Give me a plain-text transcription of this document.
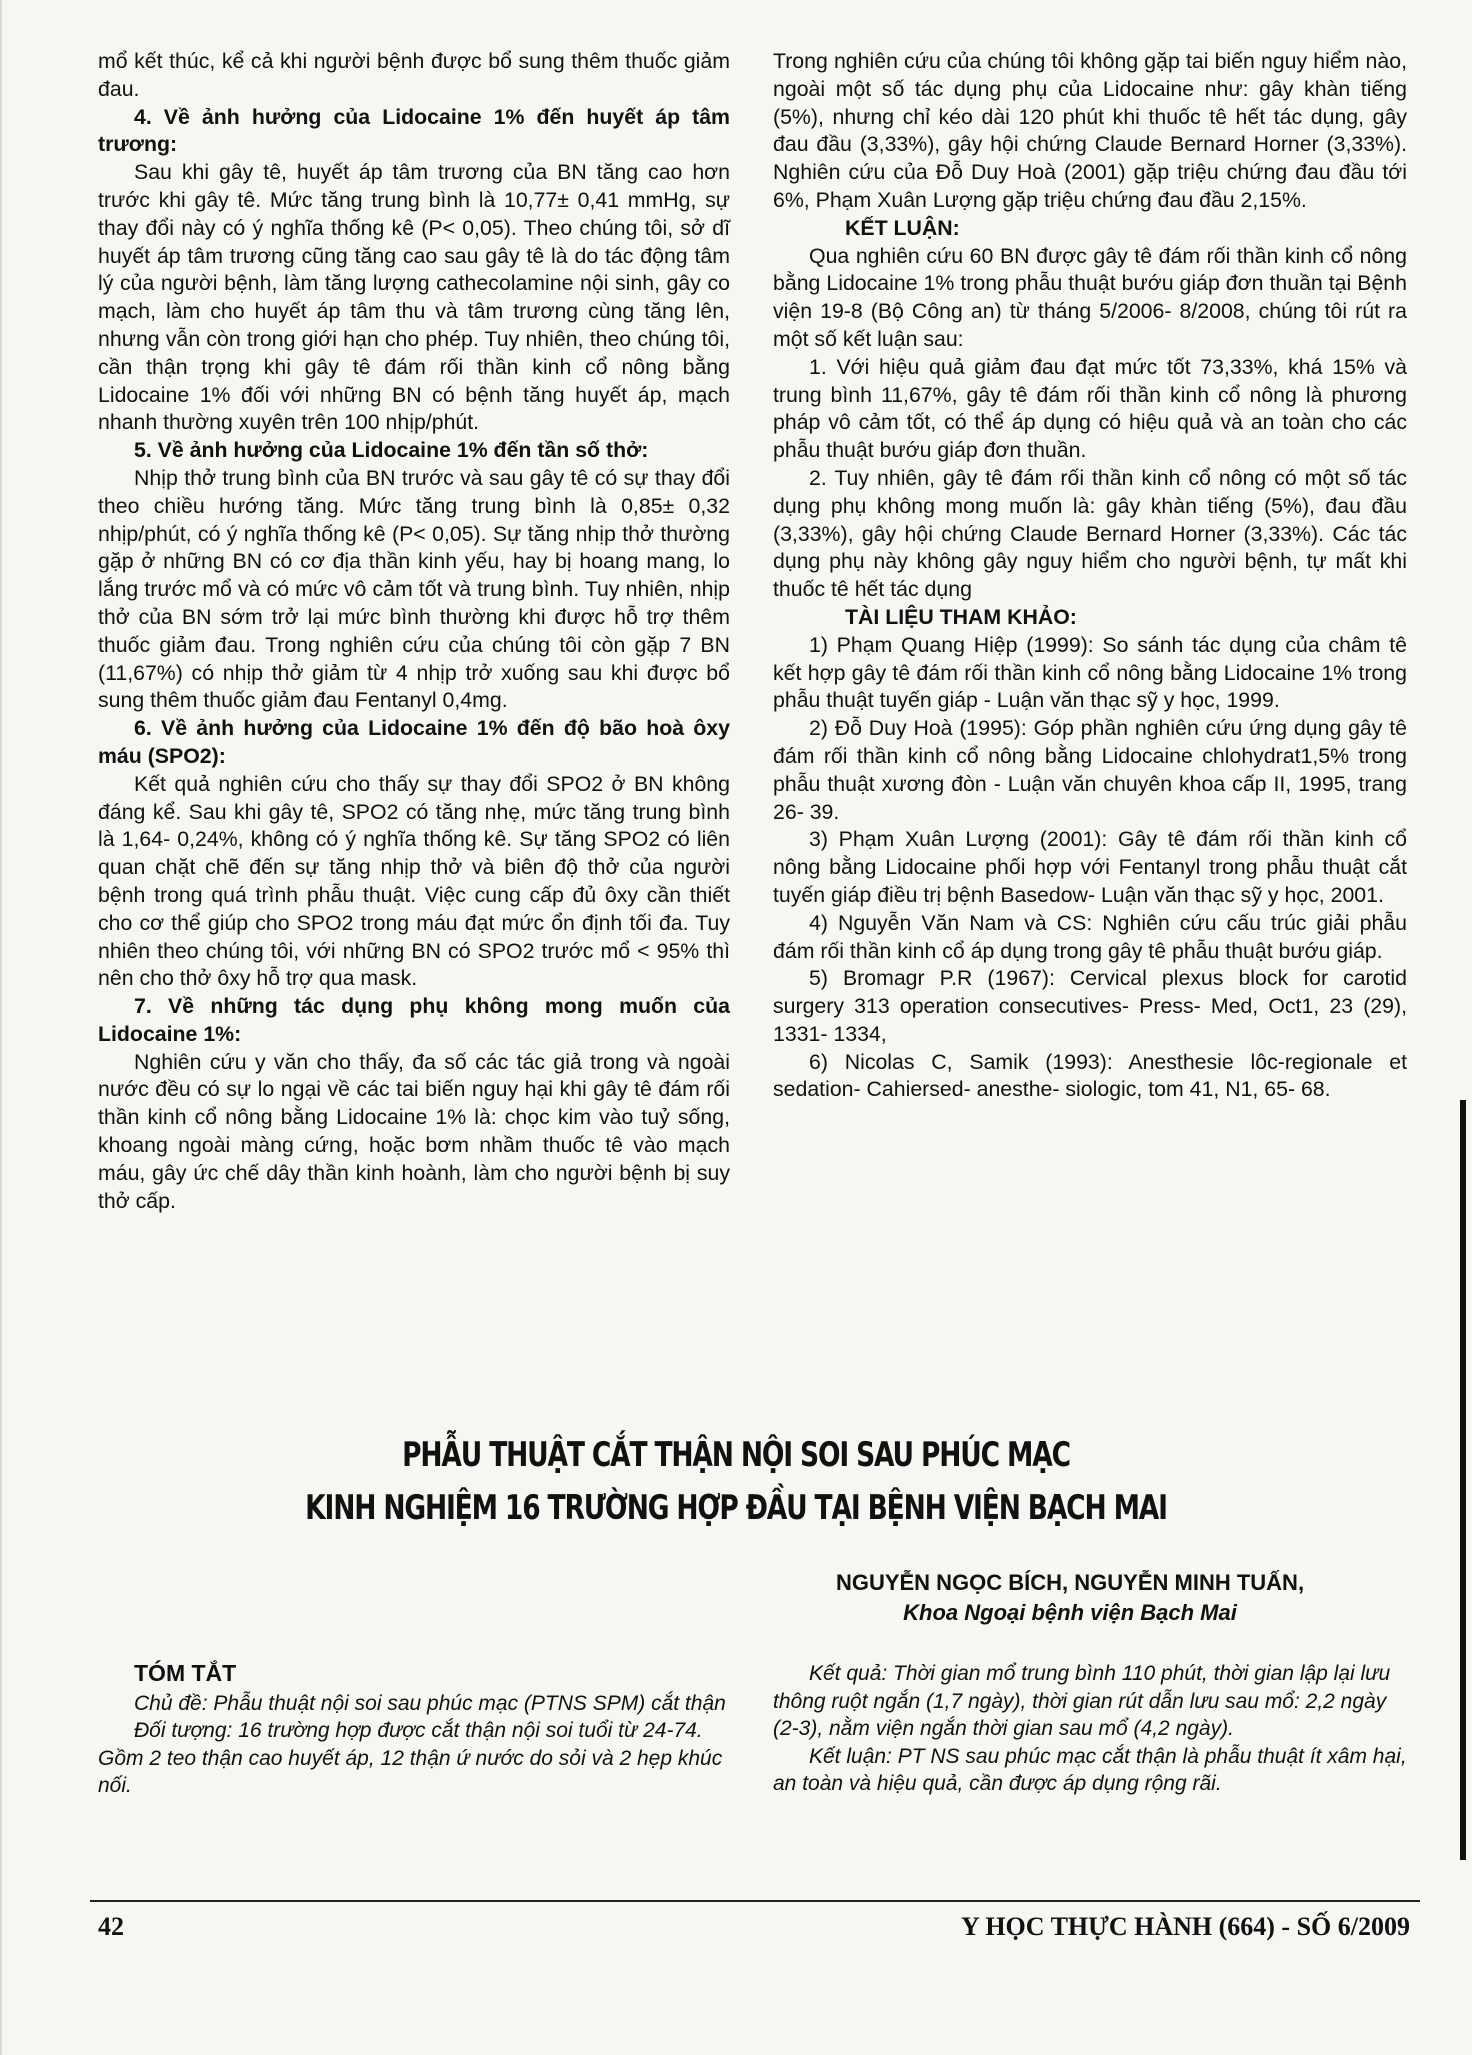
mổ kết thúc, kể cả khi người bệnh được bổ sung thêm thuốc giảm đau.

4. Về ảnh hưởng của Lidocaine 1% đến huyết áp tâm trương:

Sau khi gây tê, huyết áp tâm trương của BN tăng cao hơn trước khi gây tê. Mức tăng trung bình là 10,77± 0,41 mmHg, sự thay đổi này có ý nghĩa thống kê (P< 0,05). Theo chúng tôi, sở dĩ huyết áp tâm trương cũng tăng cao sau gây tê là do tác động tâm lý của người bệnh, làm tăng lượng cathecolamine nội sinh, gây co mạch, làm cho huyết áp tâm thu và tâm trương cùng tăng lên, nhưng vẫn còn trong giới hạn cho phép. Tuy nhiên, theo chúng tôi, cần thận trọng khi gây tê đám rối thần kinh cổ nông bằng Lidocaine 1% đối với những BN có bệnh tăng huyết áp, mạch nhanh thường xuyên trên 100 nhịp/phút.

5. Về ảnh hưởng của Lidocaine 1% đến tần số thở:

Nhịp thở trung bình của BN trước và sau gây tê có sự thay đổi theo chiều hướng tăng. Mức tăng trung bình là 0,85± 0,32 nhịp/phút, có ý nghĩa thống kê (P< 0,05). Sự tăng nhịp thở thường gặp ở những BN có cơ địa thần kinh yếu, hay bị hoang mang, lo lắng trước mổ và có mức vô cảm tốt và trung bình. Tuy nhiên, nhịp thở của BN sớm trở lại mức bình thường khi được hỗ trợ thêm thuốc giảm đau. Trong nghiên cứu của chúng tôi còn gặp 7 BN (11,67%) có nhịp thở giảm từ 4 nhịp trở xuống sau khi được bổ sung thêm thuốc giảm đau Fentanyl 0,4mg.

6. Về ảnh hưởng của Lidocaine 1% đến độ bão hoà ôxy máu (SPO2):

Kết quả nghiên cứu cho thấy sự thay đổi SPO2 ở BN không đáng kể. Sau khi gây tê, SPO2 có tăng nhẹ, mức tăng trung bình là 1,64- 0,24%, không có ý nghĩa thống kê. Sự tăng SPO2 có liên quan chặt chẽ đến sự tăng nhịp thở và biên độ thở của người bệnh trong quá trình phẫu thuật. Việc cung cấp đủ ôxy cần thiết cho cơ thể giúp cho SPO2 trong máu đạt mức ổn định tối đa. Tuy nhiên theo chúng tôi, với những BN có SPO2 trước mổ < 95% thì nên cho thở ôxy hỗ trợ qua mask.

7. Về những tác dụng phụ không mong muốn của Lidocaine 1%:

Nghiên cứu y văn cho thấy, đa số các tác giả trong và ngoài nước đều có sự lo ngại về các tai biến nguy hại khi gây tê đám rối thần kinh cổ nông bằng Lidocaine 1% là: chọc kim vào tuỷ sống, khoang ngoài màng cứng, hoặc bơm nhầm thuốc tê vào mạch máu, gây ức chế dây thần kinh hoành, làm cho người bệnh bị suy thở cấp.

Trong nghiên cứu của chúng tôi không gặp tai biến nguy hiểm nào, ngoài một số tác dụng phụ của Lidocaine như: gây khàn tiếng (5%), nhưng chỉ kéo dài 120 phút khi thuốc tê hết tác dụng, gây đau đầu (3,33%), gây hội chứng Claude Bernard Horner (3,33%). Nghiên cứu của Đỗ Duy Hoà (2001) gặp triệu chứng đau đầu tới 6%, Phạm Xuân Lượng gặp triệu chứng đau đầu 2,15%.

KẾT LUẬN:

Qua nghiên cứu 60 BN được gây tê đám rối thần kinh cổ nông bằng Lidocaine 1% trong phẫu thuật bướu giáp đơn thuần tại Bệnh viện 19-8 (Bộ Công an) từ tháng 5/2006- 8/2008, chúng tôi rút ra một số kết luận sau:

1. Với hiệu quả giảm đau đạt mức tốt 73,33%, khá 15% và trung bình 11,67%, gây tê đám rối thần kinh cổ nông là phương pháp vô cảm tốt, có thể áp dụng có hiệu quả và an toàn cho các phẫu thuật bướu giáp đơn thuần.

2. Tuy nhiên, gây tê đám rối thần kinh cổ nông có một số tác dụng phụ không mong muốn là: gây khàn tiếng (5%), đau đầu (3,33%), gây hội chứng Claude Bernard Horner (3,33%). Các tác dụng phụ này không gây nguy hiểm cho người bệnh, tự mất khi thuốc tê hết tác dụng

TÀI LIỆU THAM KHẢO:

1) Phạm Quang Hiệp (1999): So sánh tác dụng của châm tê kết hợp gây tê đám rối thần kinh cổ nông bằng Lidocaine 1% trong phẫu thuật tuyến giáp - Luận văn thạc sỹ y học, 1999.

2) Đỗ Duy Hoà (1995): Góp phần nghiên cứu ứng dụng gây tê đám rối thần kinh cổ nông bằng Lidocaine chlohydrat1,5% trong phẫu thuật xương đòn - Luận văn chuyên khoa cấp II, 1995, trang 26- 39.

3) Phạm Xuân Lượng (2001): Gây tê đám rối thần kinh cổ nông bằng Lidocaine phối hợp với Fentanyl trong phẫu thuật cắt tuyến giáp điều trị bệnh Basedow- Luận văn thạc sỹ y học, 2001.

4) Nguyễn Văn Nam và CS: Nghiên cứu cấu trúc giải phẫu đám rối thần kinh cổ áp dụng trong gây tê phẫu thuật bướu giáp.

5) Bromagr P.R (1967): Cervical plexus block for carotid surgery 313 operation consecutives- Press- Med, Oct1, 23 (29), 1331- 1334,

6) Nicolas C, Samik (1993): Anesthesie lôc-regionale et sedation- Cahiersed- anesthe- siologic, tom 41, N1, 65- 68.

PHẪU THUẬT CẮT THẬN NỘI SOI SAU PHÚC MẠC
KINH NGHIỆM 16 TRƯỜNG HỢP ĐẦU TẠI BỆNH VIỆN BẠCH MAI
NGUYỄN NGỌC BÍCH, NGUYỄN MINH TUẤN,
Khoa Ngoại bệnh viện Bạch Mai
TÓM TẮT

Chủ đề: Phẫu thuật nội soi sau phúc mạc (PTNS SPM) cắt thận

Đối tượng: 16 trường hợp được cắt thận nội soi tuổi từ 24-74. Gồm 2 teo thận cao huyết áp, 12 thận ứ nước do sỏi và 2 hẹp khúc nối.

Kết quả: Thời gian mổ trung bình 110 phút, thời gian lập lại lưu thông ruột ngắn (1,7 ngày), thời gian rút dẫn lưu sau mổ: 2,2 ngày (2-3), nằm viện ngắn thời gian sau mổ (4,2 ngày).

Kết luận: PT NS sau phúc mạc cắt thận là phẫu thuật ít xâm hại, an toàn và hiệu quả, cần được áp dụng rộng rãi.

42	Y HỌC THỰC HÀNH (664) - SỐ 6/2009
